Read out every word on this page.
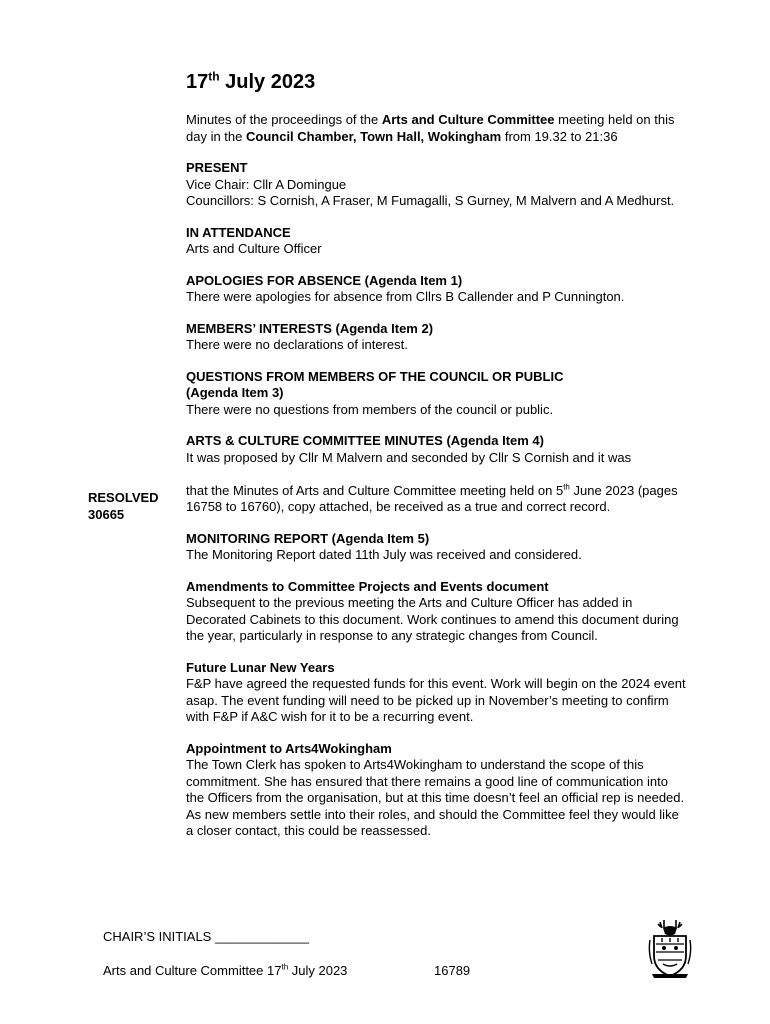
17th July 2023

Minutes of the proceedings of the Arts and Culture Committee meeting held on this day in the Council Chamber, Town Hall, Wokingham from 19.32 to 21:36

PRESENT
Vice Chair: Cllr A Domingue
Councillors: S Cornish, A Fraser, M Fumagalli, S Gurney, M Malvern and A Medhurst.

IN ATTENDANCE
Arts and Culture Officer

APOLOGIES FOR ABSENCE (Agenda Item 1)
There were apologies for absence from Cllrs B Callender and P Cunnington.

MEMBERS’ INTERESTS (Agenda Item 2)
There were no declarations of interest.

QUESTIONS FROM MEMBERS OF THE COUNCIL OR PUBLIC
(Agenda Item 3)
There were no questions from members of the council or public.

ARTS & CULTURE COMMITTEE MINUTES (Agenda Item 4)
It was proposed by Cllr M Malvern and seconded by Cllr S Cornish and it was
that the Minutes of Arts and Culture Committee meeting held on 5th June 2023 (pages 16758 to 16760), copy attached, be received as a true and correct record.

MONITORING REPORT (Agenda Item 5)
The Monitoring Report dated 11th July was received and considered.

Amendments to Committee Projects and Events document
Subsequent to the previous meeting the Arts and Culture Officer has added in Decorated Cabinets to this document. Work continues to amend this document during the year, particularly in response to any strategic changes from Council.

Future Lunar New Years
F&P have agreed the requested funds for this event. Work will begin on the 2024 event asap. The event funding will need to be picked up in November’s meeting to confirm with F&P if A&C wish for it to be a recurring event.

Appointment to Arts4Wokingham
The Town Clerk has spoken to Arts4Wokingham to understand the scope of this commitment. She has ensured that there remains a good line of communication into the Officers from the organisation, but at this time doesn’t feel an official rep is needed. As new members settle into their roles, and should the Committee feel they would like a closer contact, this could be reassessed.

RESOLVED
30665
CHAIR’S INITIALS _____________
Arts and Culture Committee 17th July 2023	16789
